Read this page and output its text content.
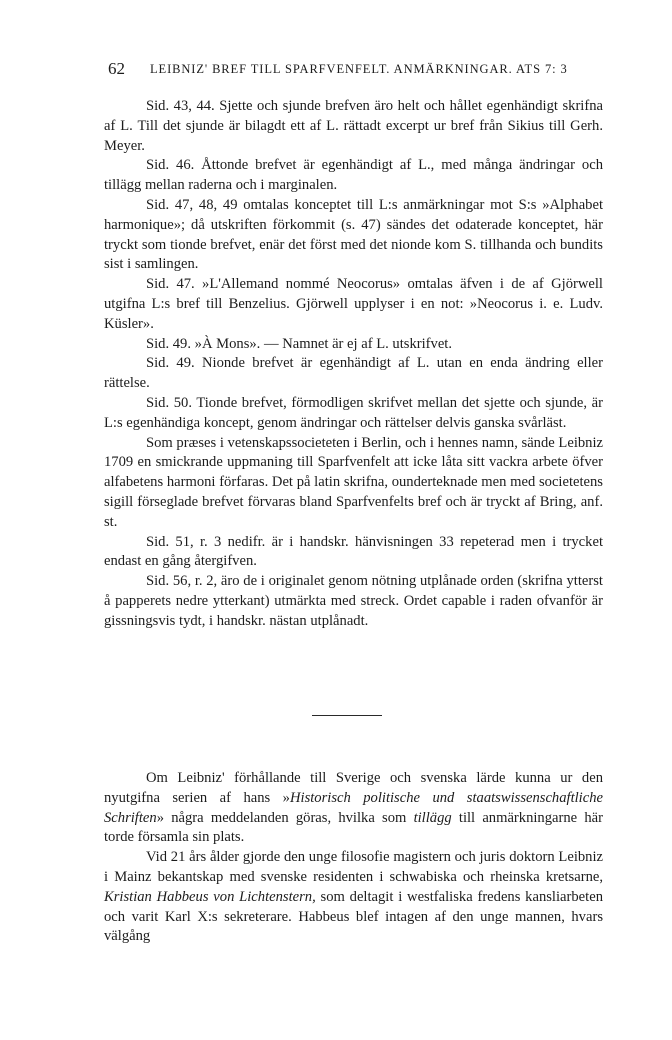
62 LEIBNIZ' BREF TILL SPARFVENFELT. ANMÄRKNINGAR. ATS 7: 3

Sid. 43, 44. Sjette och sjunde brefven äro helt och hållet egenhändigt skrifna af L. Till det sjunde är bilagdt ett af L. rättadt excerpt ur bref från Sikius till Gerh. Meyer.

Sid. 46. Åttonde brefvet är egenhändigt af L., med många ändringar och tillägg mellan raderna och i marginalen.

Sid. 47, 48, 49 omtalas konceptet till L:s anmärkningar mot S:s »Alphabet harmonique»; då utskriften förkommit (s. 47) sändes det odaterade konceptet, här tryckt som tionde brefvet, enär det först med det nionde kom S. tillhanda och bundits sist i samlingen.

Sid. 47. »L'Allemand nommé Neocorus» omtalas äfven i de af Gjörwell utgifna L:s bref till Benzelius. Gjörwell upplyser i en not: »Neocorus i. e. Ludv. Küsler».

Sid. 49. »À Mons». — Namnet är ej af L. utskrifvet.

Sid. 49. Nionde brefvet är egenhändigt af L. utan en enda ändring eller rättelse.

Sid. 50. Tionde brefvet, förmodligen skrifvet mellan det sjette och sjunde, är L:s egenhändiga koncept, genom ändringar och rättelser delvis ganska svårläst.

Som præses i vetenskapssocieteten i Berlin, och i hennes namn, sände Leibniz 1709 en smickrande uppmaning till Sparfvenfelt att icke låta sitt vackra arbete öfver alfabetens harmoni förfaras. Det på latin skrifna, ounderteknade men med societetens sigill förseglade brefvet förvaras bland Sparfvenfelts bref och är tryckt af Bring, anf. st.

Sid. 51, r. 3 nedifr. är i handskr. hänvisningen 33 repeterad men i trycket endast en gång återgifven.

Sid. 56, r. 2, äro de i originalet genom nötning utplånade orden (skrifna ytterst å papperets nedre ytterkant) utmärkta med streck. Ordet capable i raden ofvanför är gissningsvis tydt, i handskr. nästan utplånadt.

Om Leibniz' förhållande till Sverige och svenska lärde kunna ur den nyutgifna serien af hans »Historisch politische und staatswissenschaftliche Schriften» några meddelanden göras, hvilka som tillägg till anmärkningarne här torde församla sin plats.

Vid 21 års ålder gjorde den unge filosofie magistern och juris doktorn Leibniz i Mainz bekantskap med svenske residenten i schwabiska och rheinska kretsarne, Kristian Habbeus von Lichtenstern, som deltagit i westfaliska fredens kansliarbeten och varit Karl X:s sekreterare. Habbeus blef intagen af den unge mannen, hvars välgång
